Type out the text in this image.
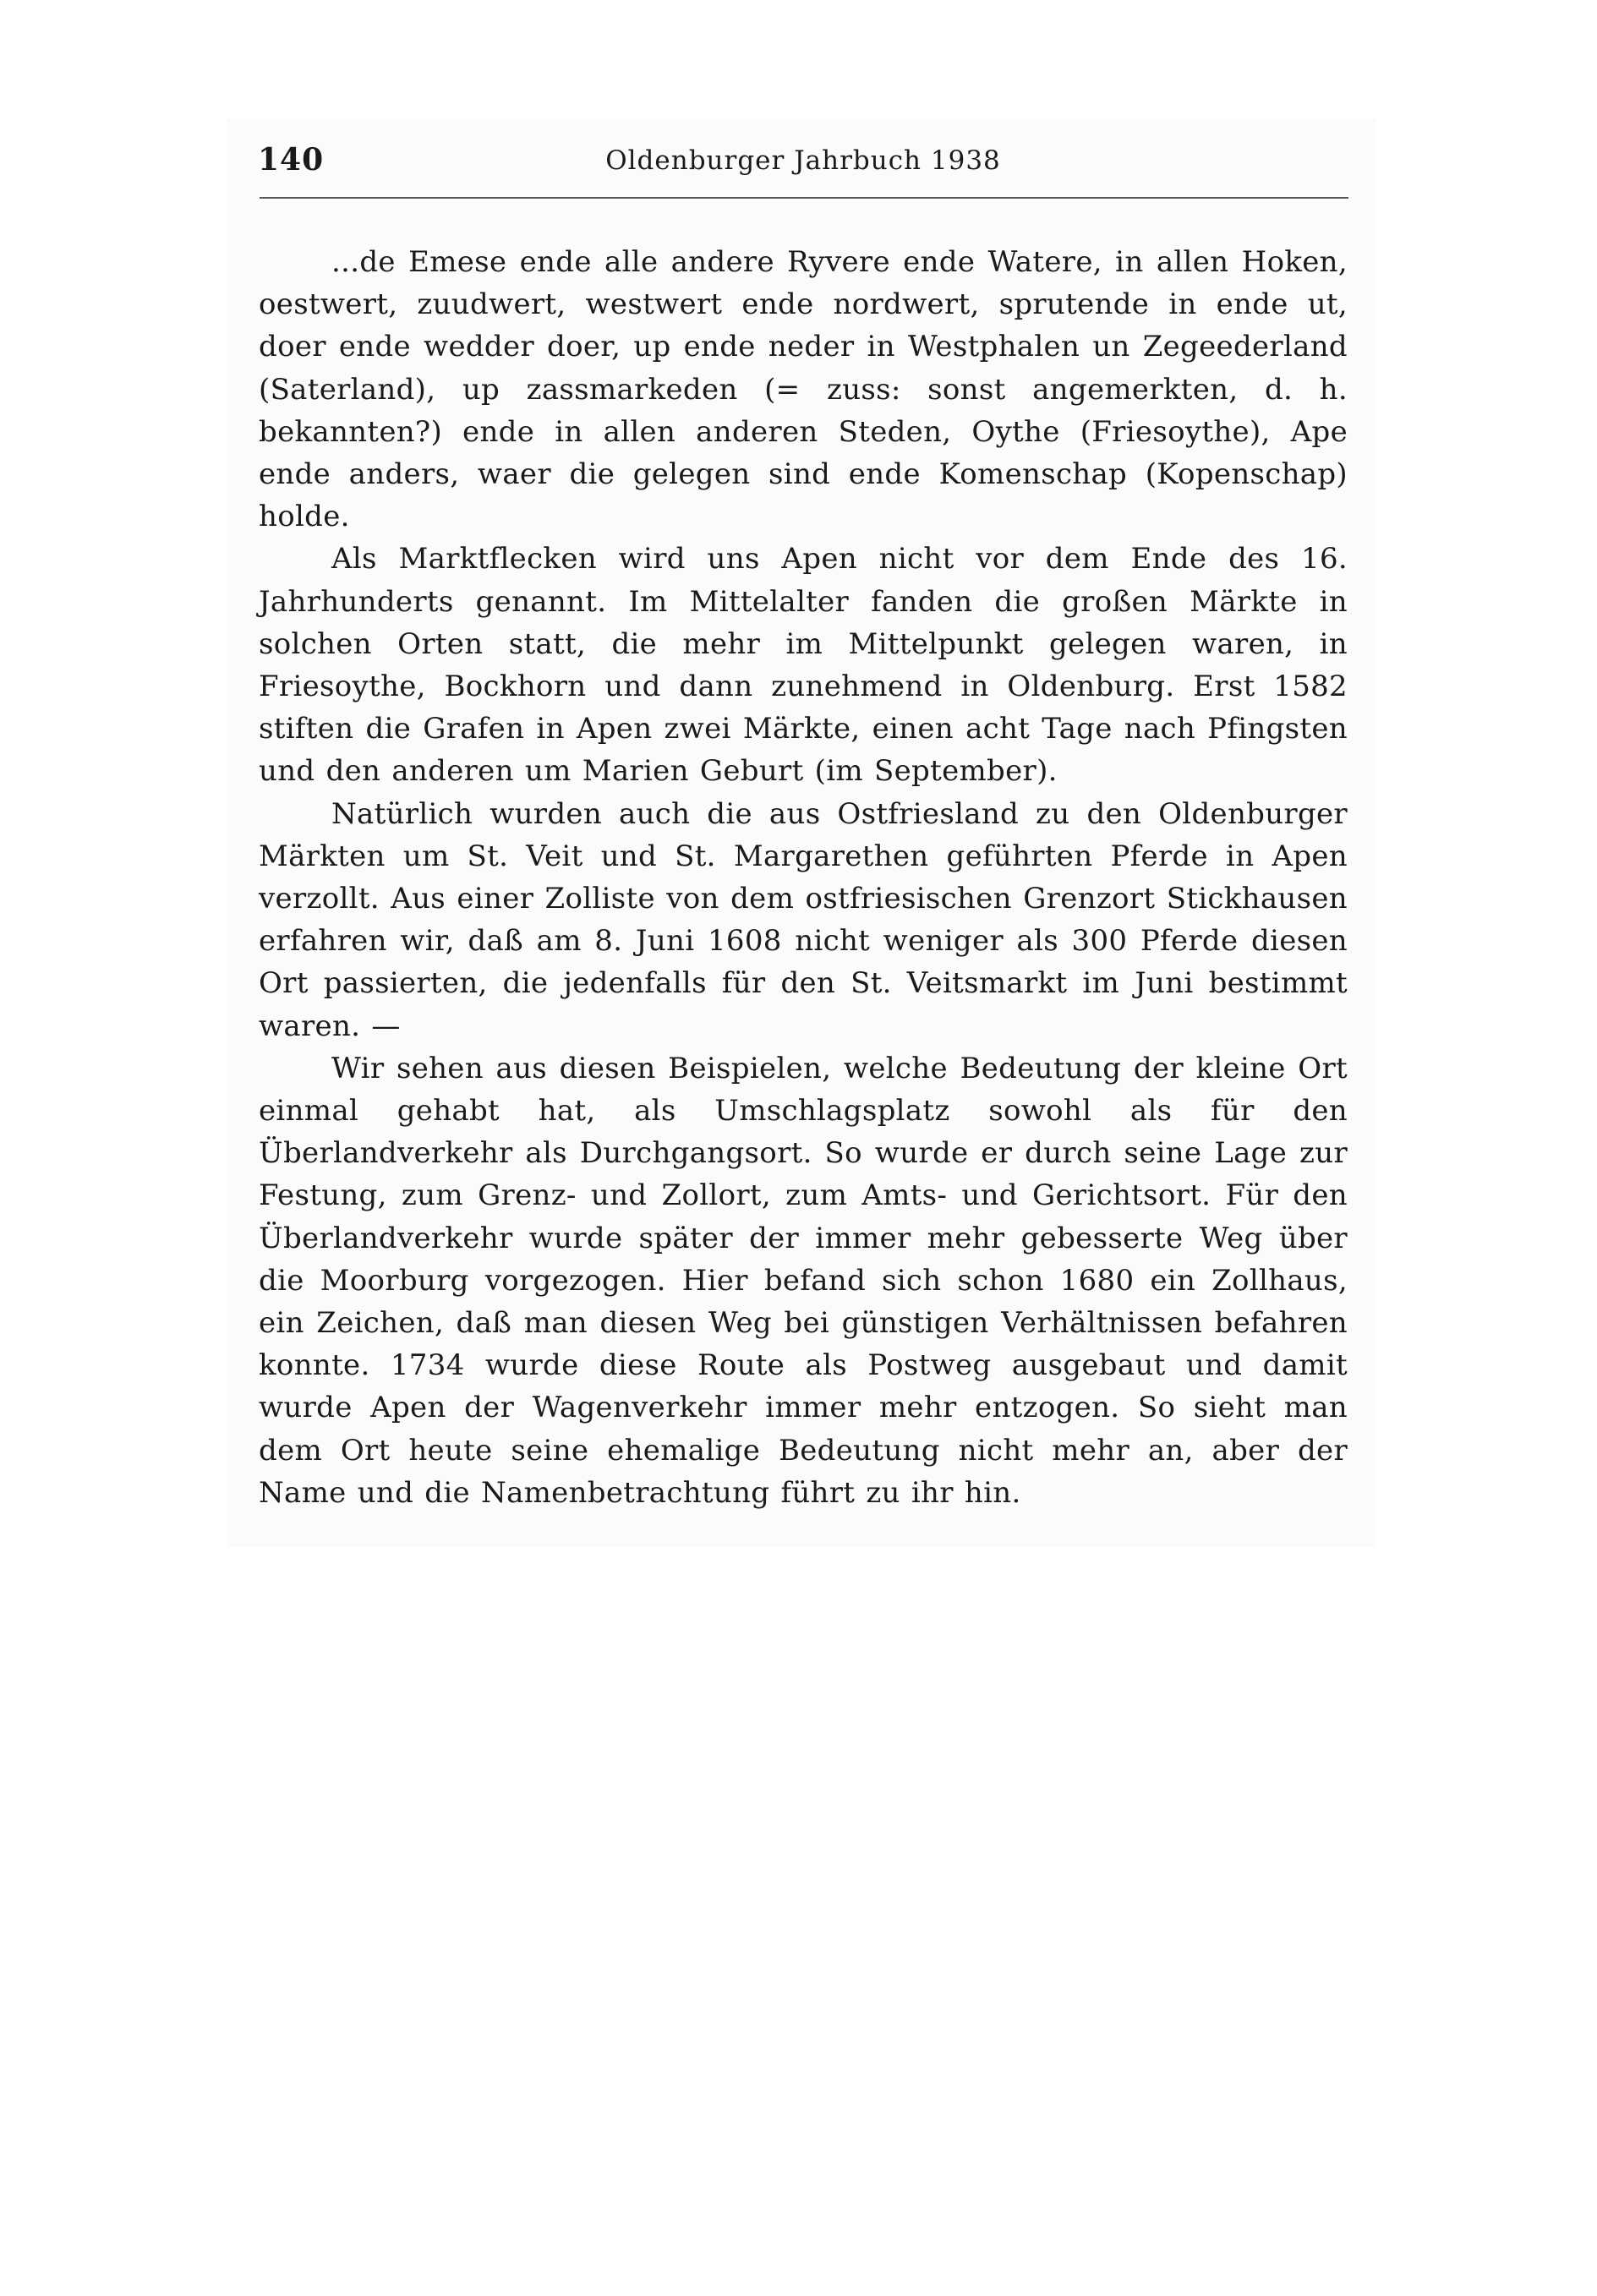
140	Oldenburger Jahrbuch 1938

...de Emese ende alle andere Ryvere ende Watere, in allen Hoken, oestwert, zuudwert, westwert ende nordwert, sprutende in ende ut, doer ende wedder doer, up ende neder in Westphalen un Zegeederland (Saterland), up zassmarkeden (= zuss: sonst angemerkten, d. h. bekannten?) ende in allen anderen Steden, Oythe (Friesoythe), Ape ende anders, waer die gelegen sind ende Komenschap (Kopenschap) holde.

Als Marktflecken wird uns Apen nicht vor dem Ende des 16. Jahrhunderts genannt. Im Mittelalter fanden die großen Märkte in solchen Orten statt, die mehr im Mittelpunkt gelegen waren, in Friesoythe, Bockhorn und dann zunehmend in Oldenburg. Erst 1582 stiften die Grafen in Apen zwei Märkte, einen acht Tage nach Pfingsten und den anderen um Marien Geburt (im September).

Natürlich wurden auch die aus Ostfriesland zu den Oldenburger Märkten um St. Veit und St. Margarethen geführten Pferde in Apen verzollt. Aus einer Zolliste von dem ostfriesischen Grenzort Stickhausen erfahren wir, daß am 8. Juni 1608 nicht weniger als 300 Pferde diesen Ort passierten, die jedenfalls für den St. Veitsmarkt im Juni bestimmt waren. —

Wir sehen aus diesen Beispielen, welche Bedeutung der kleine Ort einmal gehabt hat, als Umschlagsplatz sowohl als für den Überlandverkehr als Durchgangsort. So wurde er durch seine Lage zur Festung, zum Grenz- und Zollort, zum Amts- und Gerichtsort. Für den Überlandverkehr wurde später der immer mehr gebesserte Weg über die Moorburg vorgezogen. Hier befand sich schon 1680 ein Zollhaus, ein Zeichen, daß man diesen Weg bei günstigen Verhältnissen befahren konnte. 1734 wurde diese Route als Postweg ausgebaut und damit wurde Apen der Wagenverkehr immer mehr entzogen. So sieht man dem Ort heute seine ehemalige Bedeutung nicht mehr an, aber der Name und die Namenbetrachtung führt zu ihr hin.
